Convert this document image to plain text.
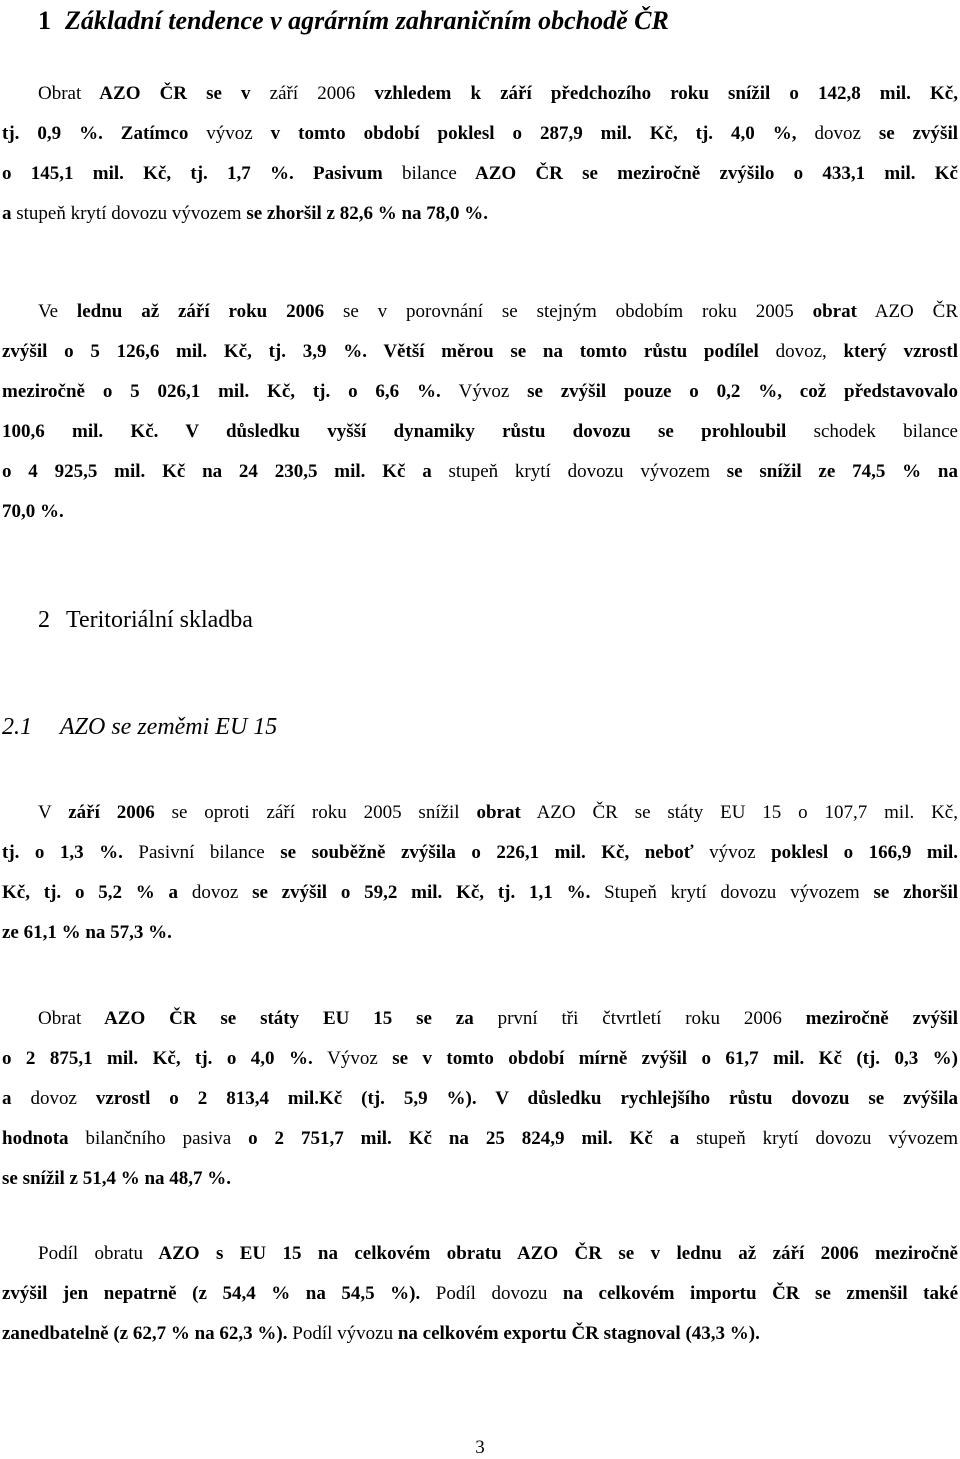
1 Základní tendence v agrárním zahraničním obchodě ČR
Obrat AZO ČR se v září 2006 vzhledem k září předchozího roku snížil o 142,8 mil. Kč,
tj. 0,9 %. Zatímco vývoz v tomto období poklesl o 287,9 mil. Kč, tj. 4,0 %, dovoz se zvýšil
o 145,1 mil. Kč, tj. 1,7 %. Pasivum bilance AZO ČR se meziročně zvýšilo o 433,1 mil. Kč
a stupeň krytí dovozu vývozem se zhoršil z 82,6 % na 78,0 %.
Ve lednu až září roku 2006 se v porovnání se stejným obdobím roku 2005 obrat AZO ČR
zvýšil o 5 126,6 mil. Kč, tj. 3,9 %. Větší měrou se na tomto růstu podílel dovoz, který vzrostl
meziročně o 5 026,1 mil. Kč, tj. o 6,6 %. Vývoz se zvýšil pouze o 0,2 %, což představovalo
100,6 mil. Kč. V důsledku vyšší dynamiky růstu dovozu se prohloubil schodek bilance
o 4 925,5 mil. Kč na 24 230,5 mil. Kč a stupeň krytí dovozu vývozem se snížil ze 74,5 % na
70,0 %.
2 Teritoriální skladba
2.1 AZO se zeměmi EU 15
V září 2006 se oproti září roku 2005 snížil obrat AZO ČR se státy EU 15 o 107,7 mil. Kč,
tj. o 1,3 %. Pasivní bilance se souběžně zvýšila o 226,1 mil. Kč, neboť vývoz poklesl o 166,9 mil.
Kč, tj. o 5,2 % a dovoz se zvýšil o 59,2 mil. Kč, tj. 1,1 %. Stupeň krytí dovozu vývozem se zhoršil
ze 61,1 % na 57,3 %.
Obrat AZO ČR se státy EU 15 se za první tři čtvrtletí roku 2006 meziročně zvýšil
o 2 875,1 mil. Kč, tj. o 4,0 %. Vývoz se v tomto období mírně zvýšil o 61,7 mil. Kč (tj. 0,3 %)
a dovoz vzrostl o 2 813,4 mil.Kč (tj. 5,9 %). V důsledku rychlejšího růstu dovozu se zvýšila
hodnota bilančního pasiva o 2 751,7 mil. Kč na 25 824,9 mil. Kč a stupeň krytí dovozu vývozem
se snížil z 51,4 % na 48,7 %.
Podíl obratu AZO s EU 15 na celkovém obratu AZO ČR se v lednu až září 2006 meziročně
zvýšil jen nepatrně (z 54,4 % na 54,5 %). Podíl dovozu na celkovém importu ČR se zmenšil také
zanedbatelně (z 62,7 % na 62,3 %). Podíl vývozu na celkovém exportu ČR stagnoval (43,3 %).
3
